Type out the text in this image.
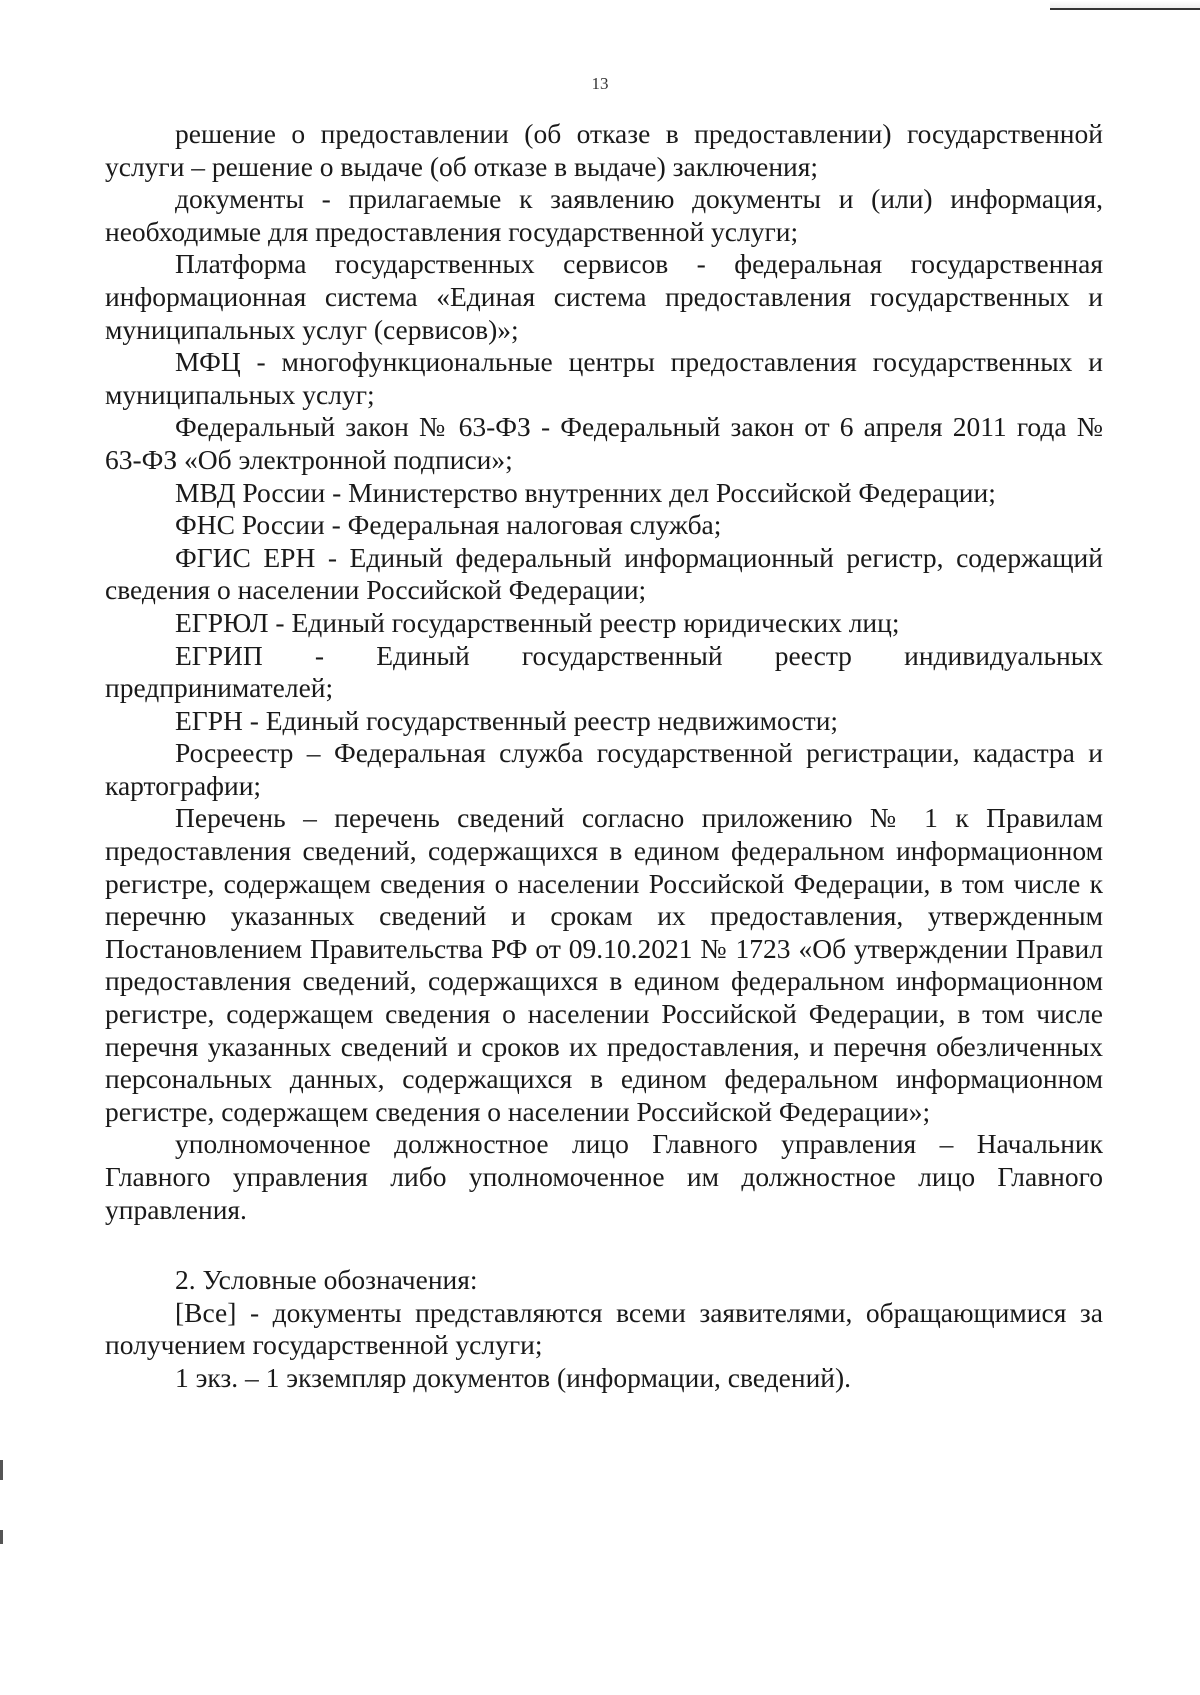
13

решение о предоставлении (об отказе в предоставлении) государственной услуги – решение о выдаче (об отказе в выдаче) заключения;

документы - прилагаемые к заявлению документы и (или) информация, необходимые для предоставления государственной услуги;

Платформа государственных сервисов - федеральная государственная информационная система «Единая система предоставления государственных и муниципальных услуг (сервисов)»;

МФЦ - многофункциональные центры предоставления государственных и муниципальных услуг;

Федеральный закон № 63-ФЗ - Федеральный закон от 6 апреля 2011 года № 63-ФЗ «Об электронной подписи»;

МВД России - Министерство внутренних дел Российской Федерации;

ФНС России - Федеральная налоговая служба;

ФГИС ЕРН - Единый федеральный информационный регистр, содержащий сведения о населении Российской Федерации;

ЕГРЮЛ - Единый государственный реестр юридических лиц;

ЕГРИП - Единый государственный реестр индивидуальных предпринимателей;

ЕГРН - Единый государственный реестр недвижимости;

Росреестр – Федеральная служба государственной регистрации, кадастра и картографии;

Перечень – перечень сведений согласно приложению № 1 к Правилам предоставления сведений, содержащихся в едином федеральном информационном регистре, содержащем сведения о населении Российской Федерации, в том числе к перечню указанных сведений и срокам их предоставления, утвержденным Постановлением Правительства РФ от 09.10.2021 № 1723 «Об утверждении Правил предоставления сведений, содержащихся в едином федеральном информационном регистре, содержащем сведения о населении Российской Федерации, в том числе перечня указанных сведений и сроков их предоставления, и перечня обезличенных персональных данных, содержащихся в едином федеральном информационном регистре, содержащем сведения о населении Российской Федерации»;

уполномоченное должностное лицо Главного управления – Начальник Главного управления либо уполномоченное им должностное лицо Главного управления.

2. Условные обозначения:

[Все] - документы представляются всеми заявителями, обращающимися за получением государственной услуги;

1 экз. – 1 экземпляр документов (информации, сведений).
